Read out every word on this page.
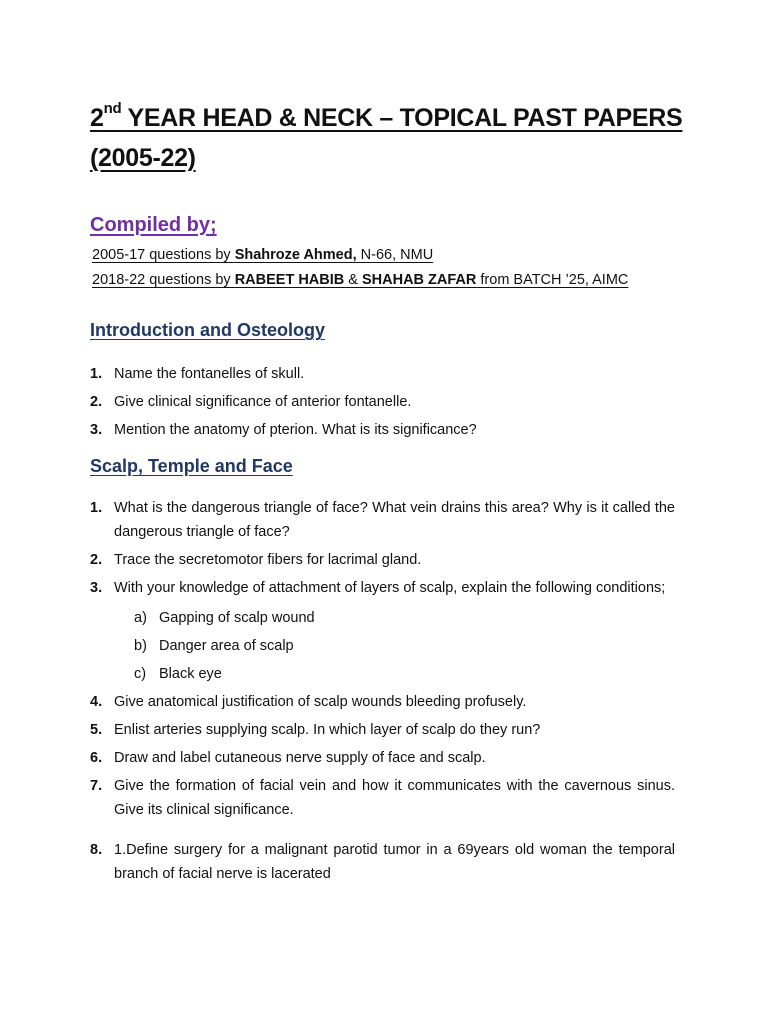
2nd YEAR HEAD & NECK – TOPICAL PAST PAPERS
(2005-22)
Compiled by;
2005-17 questions by Shahroze Ahmed, N-66, NMU
2018-22 questions by RABEET HABIB & SHAHAB ZAFAR from BATCH ’25, AIMC
Introduction and Osteology
1. Name the fontanelles of skull.
2. Give clinical significance of anterior fontanelle.
3. Mention the anatomy of pterion. What is its significance?
Scalp, Temple and Face
1. What is the dangerous triangle of face? What vein drains this area? Why is it called the dangerous triangle of face?
2. Trace the secretomotor fibers for lacrimal gland.
3. With your knowledge of attachment of layers of scalp, explain the following conditions;
a) Gapping of scalp wound
b) Danger area of scalp
c) Black eye
4. Give anatomical justification of scalp wounds bleeding profusely.
5. Enlist arteries supplying scalp. In which layer of scalp do they run?
6. Draw and label cutaneous nerve supply of face and scalp.
7. Give the formation of facial vein and how it communicates with the cavernous sinus. Give its clinical significance.
8. 1.Define surgery for a malignant parotid tumor in a 69years old woman the temporal branch of facial nerve is lacerated
